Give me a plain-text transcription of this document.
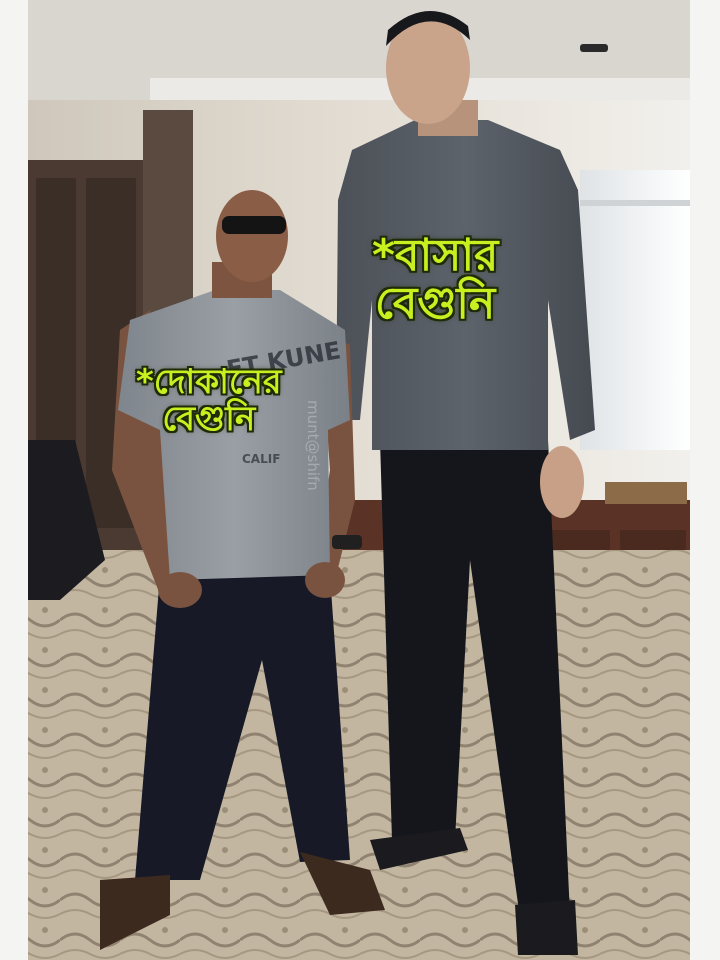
ET KUNE
CALIF munt@shifn
*বাসার
বেগুনি
*দোকানের
বেগুনি
